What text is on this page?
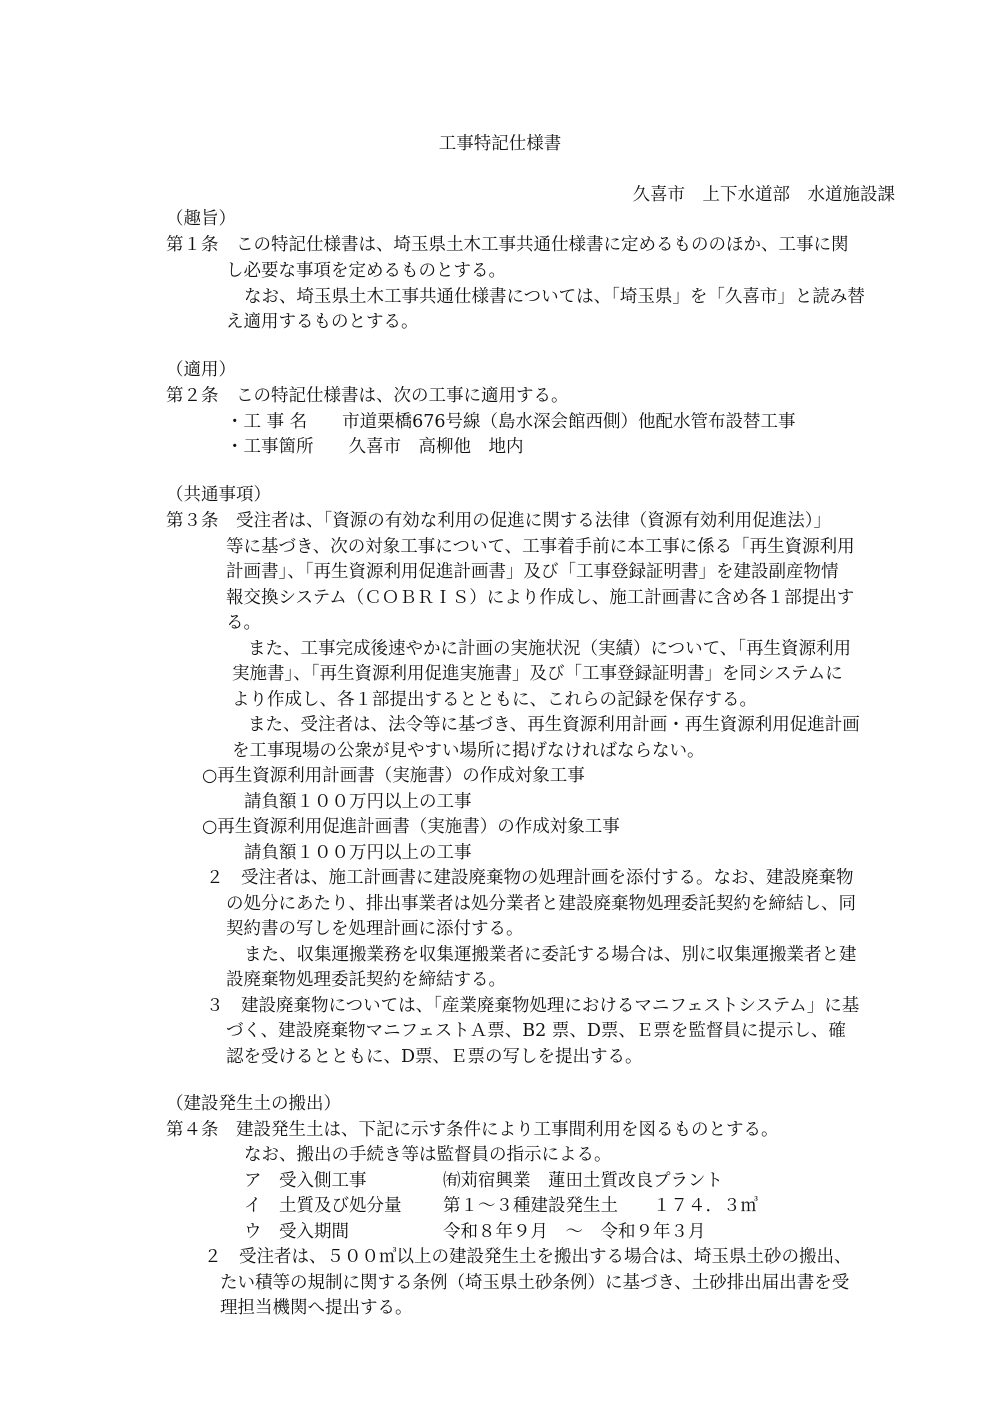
工事特記仕様書
久喜市　上下水道部　水道施設課
（趣旨）
第１条　この特記仕様書は、埼玉県土木工事共通仕様書に定めるもののほか、工事に関
し必要な事項を定めるものとする。
なお、埼玉県土木工事共通仕様書については、「埼玉県」を「久喜市」と読み替
え適用するものとする。
（適用）
第２条　この特記仕様書は、次の工事に適用する。
・工 事 名　　市道栗橋676号線（島水深会館西側）他配水管布設替工事
・工事箇所　　久喜市　高柳他　地内
（共通事項）
第３条　受注者は、「資源の有効な利用の促進に関する法律（資源有効利用促進法）」
等に基づき、次の対象工事について、工事着手前に本工事に係る「再生資源利用
計画書」、「再生資源利用促進計画書」及び「工事登録証明書」を建設副産物情
報交換システム（ＣＯＢＲＩＳ）により作成し、施工計画書に含め各１部提出す
る。
また、工事完成後速やかに計画の実施状況（実績）について、「再生資源利用
実施書」、「再生資源利用促進実施書」及び「工事登録証明書」を同システムに
より作成し、各１部提出するとともに、これらの記録を保存する。
また、受注者は、法令等に基づき、再生資源利用計画・再生資源利用促進計画
を工事現場の公衆が見やすい場所に掲げなければならない。
○再生資源利用計画書（実施書）の作成対象工事
請負額１００万円以上の工事
○再生資源利用促進計画書（実施書）の作成対象工事
請負額１００万円以上の工事
２　受注者は、施工計画書に建設廃棄物の処理計画を添付する。なお、建設廃棄物
の処分にあたり、排出事業者は処分業者と建設廃棄物処理委託契約を締結し、同
契約書の写しを処理計画に添付する。
また、収集運搬業務を収集運搬業者に委託する場合は、別に収集運搬業者と建
設廃棄物処理委託契約を締結する。
３　建設廃棄物については、「産業廃棄物処理におけるマニフェストシステム」に基
づく、建設廃棄物マニフェストＡ票、B2 票、D票、Ｅ票を監督員に提示し、確
認を受けるとともに、D票、Ｅ票の写しを提出する。
（建設発生土の搬出）
第４条　建設発生土は、下記に示す条件により工事間利用を図るものとする。
なお、搬出の手続き等は監督員の指示による。
ア　受入側工事	㈲苅宿興業　蓮田土質改良プラント
イ　土質及び処分量 第１～３種建設発生土　　１７４．３㎥
ウ　受入期間	令和８年９月　～　令和９年３月
２　受注者は、５００㎥以上の建設発生土を搬出する場合は、埼玉県土砂の搬出、
たい積等の規制に関する条例（埼玉県土砂条例）に基づき、土砂排出届出書を受
理担当機関へ提出する。
